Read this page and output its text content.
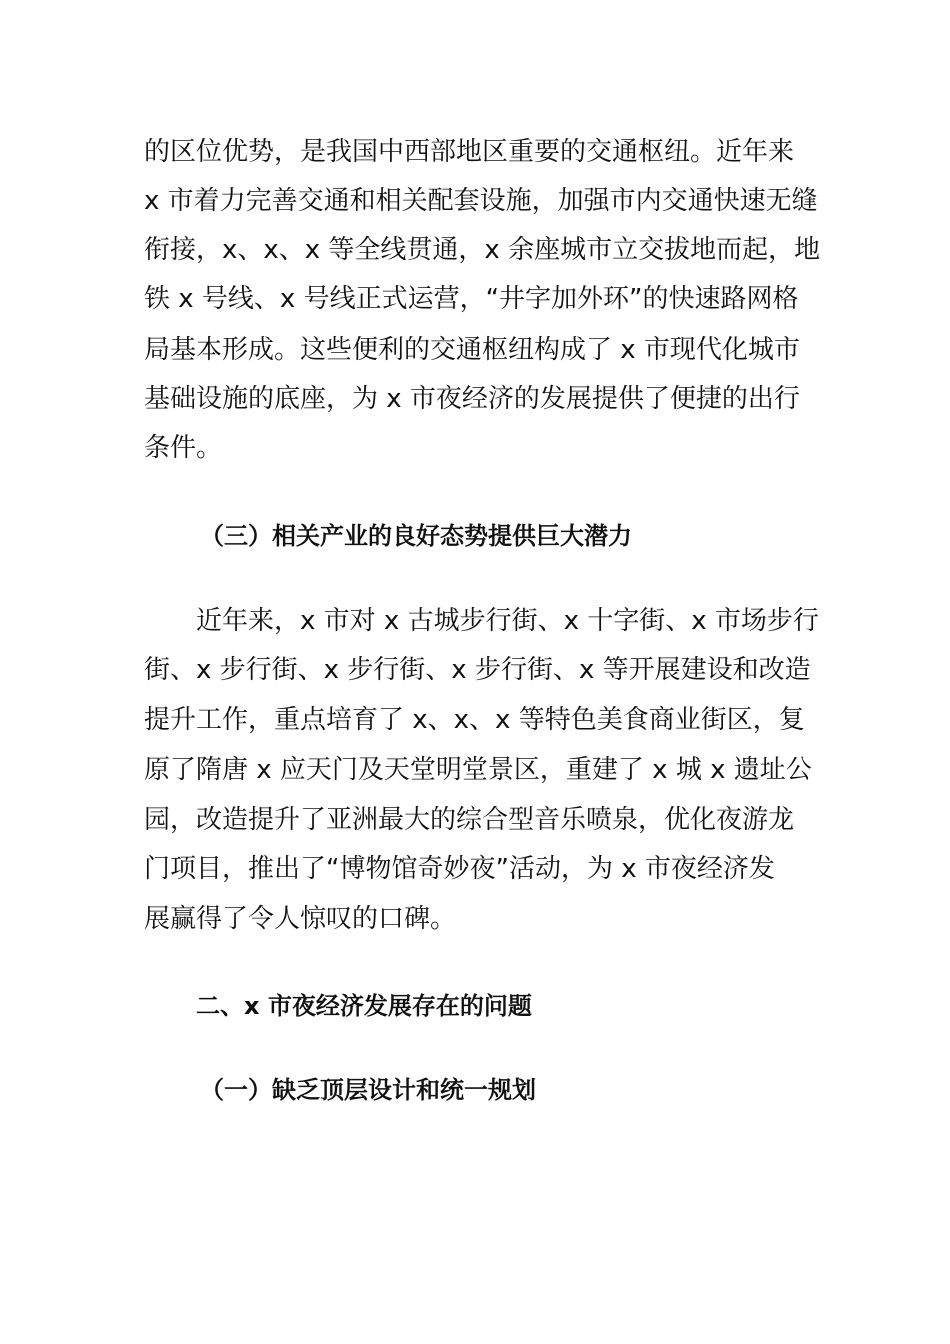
的区位优势，是我国中西部地区重要的交通枢纽。近年来
x 市着力完善交通和相关配套设施，加强市内交通快速无缝
衔接，x、x、x 等全线贯通，x 余座城市立交拔地而起，地
铁 x 号线、x 号线正式运营，“井字加外环”的快速路网格
局基本形成。这些便利的交通枢纽构成了 x 市现代化城市
基础设施的底座，为 x 市夜经济的发展提供了便捷的出行
条件。
（三）相关产业的良好态势提供巨大潜力
近年来，x 市对 x 古城步行街、x 十字街、x 市场步行
街、x 步行街、x 步行街、x 步行街、x 等开展建设和改造
提升工作，重点培育了 x、x、x 等特色美食商业街区，复
原了隋唐 x 应天门及天堂明堂景区，重建了 x 城 x 遗址公
园，改造提升了亚洲最大的综合型音乐喷泉，优化夜游龙
门项目，推出了“博物馆奇妙夜”活动，为 x 市夜经济发
展赢得了令人惊叹的口碑。
二、x 市夜经济发展存在的问题
（一）缺乏顶层设计和统一规划
